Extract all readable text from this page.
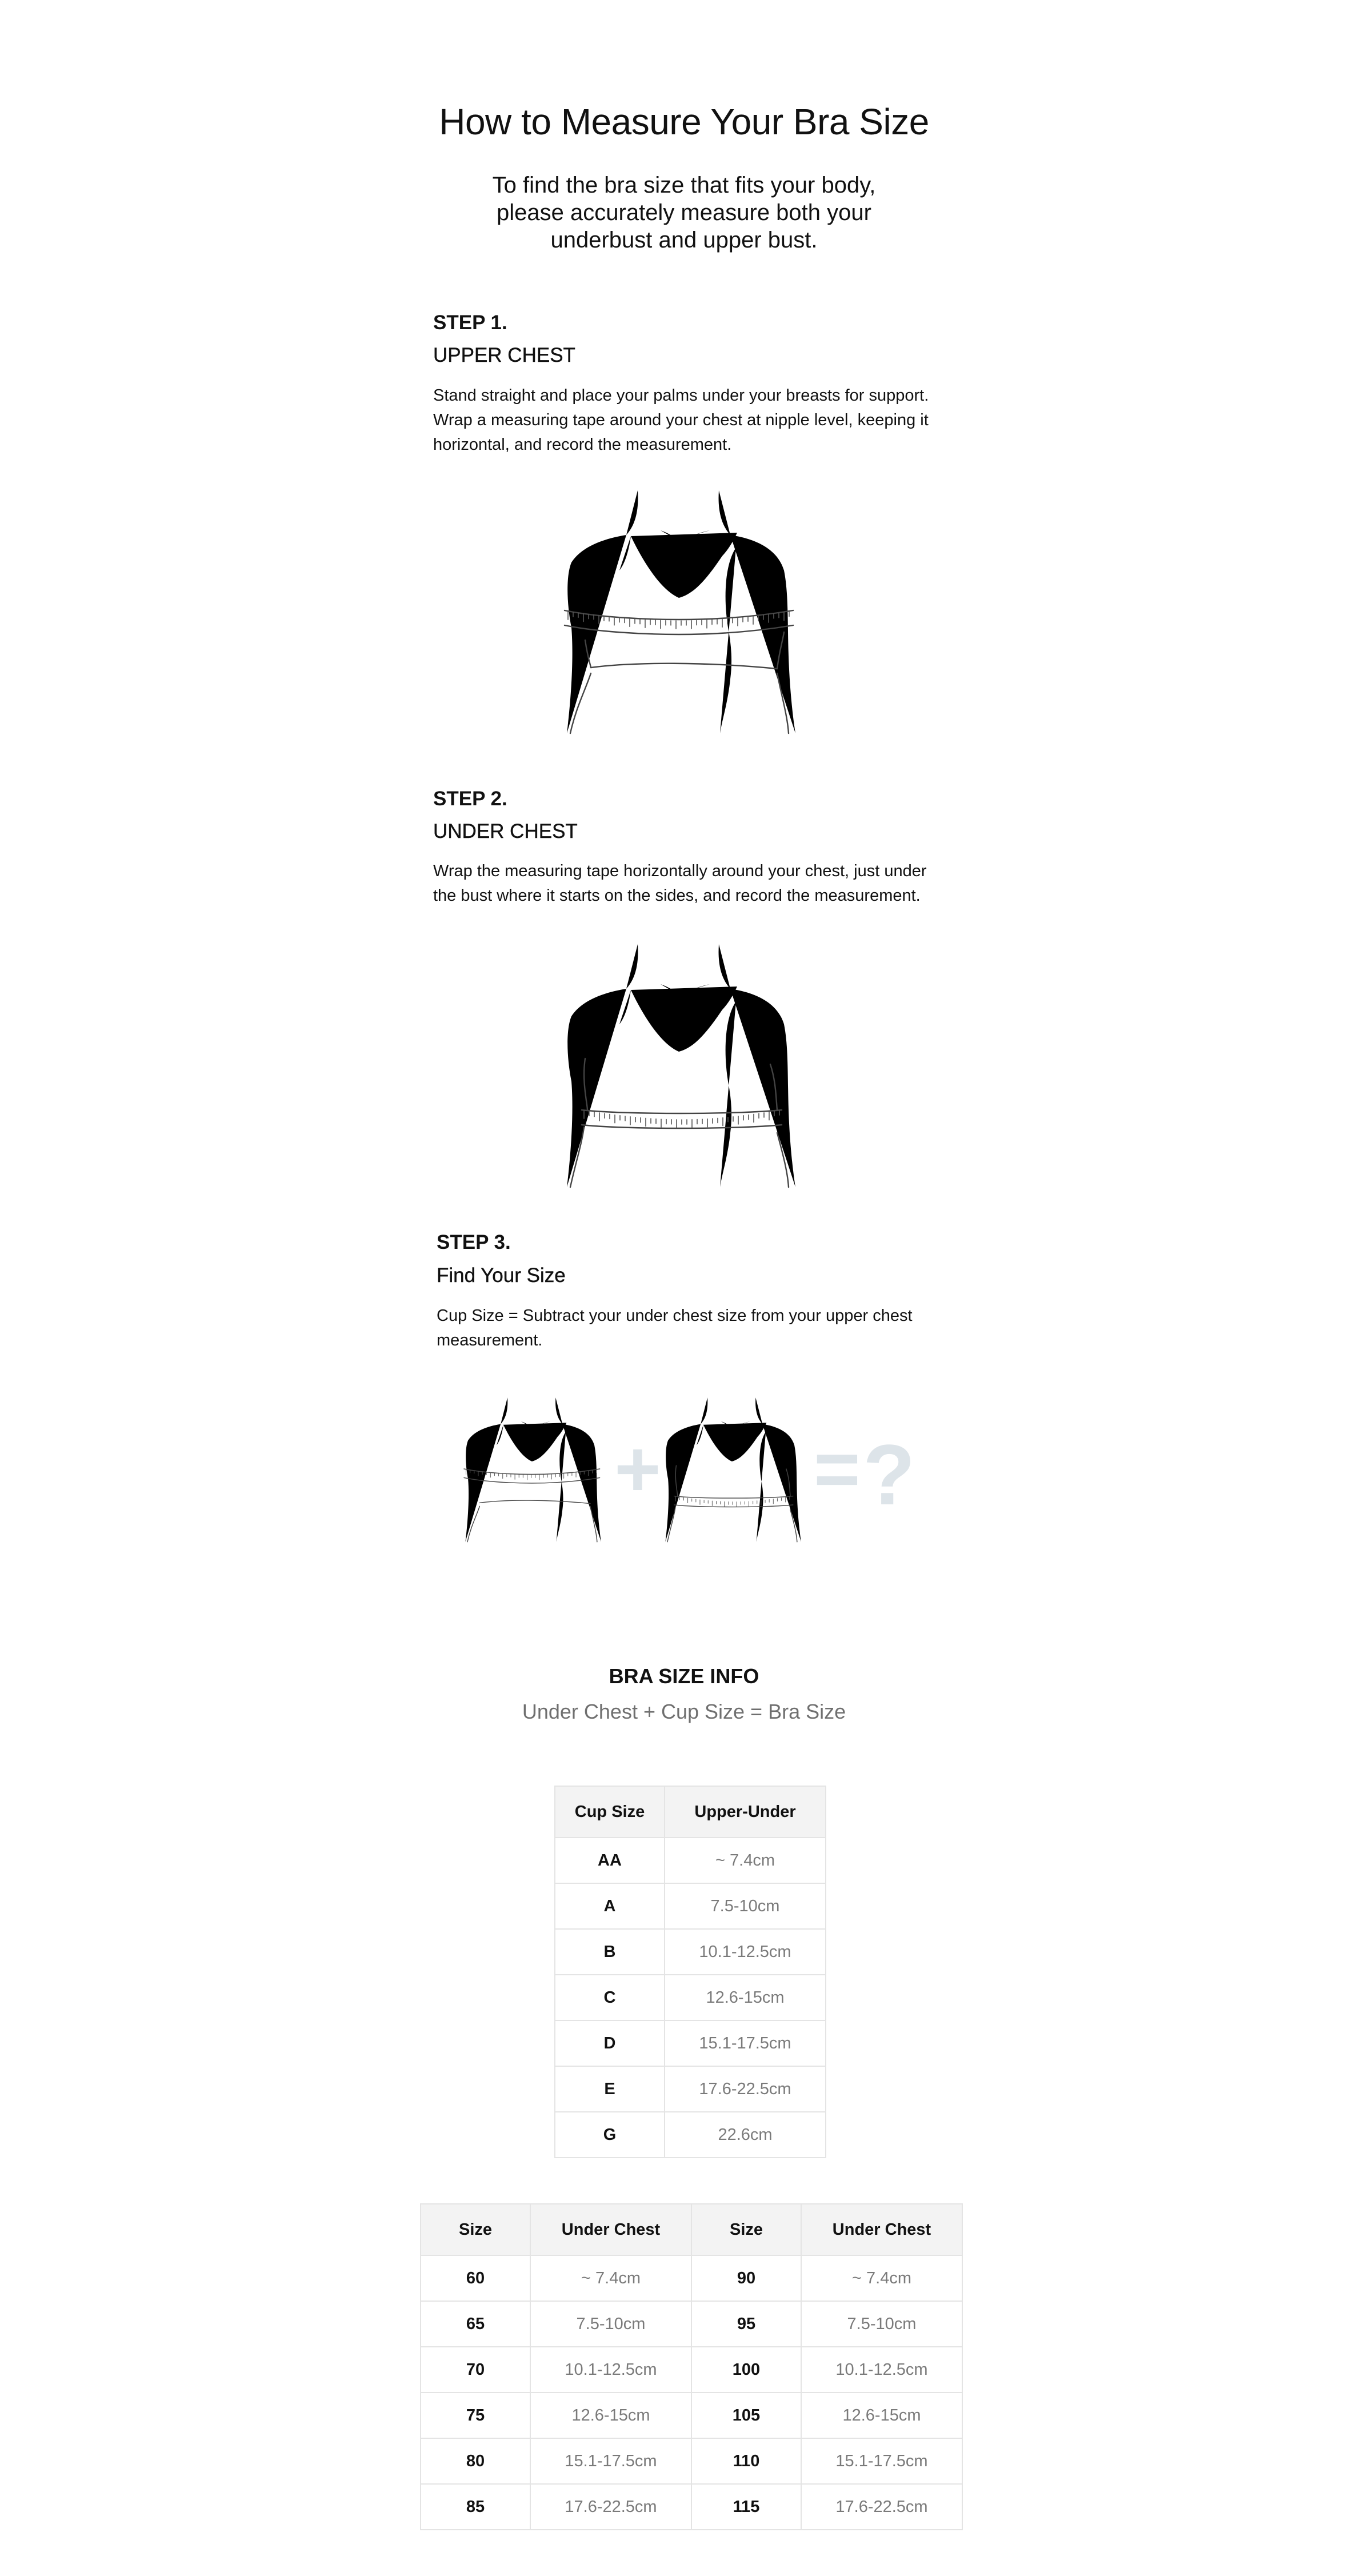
How to Measure Your Bra Size
To find the bra size that fits your body, please accurately measure both your underbust and upper bust.
STEP 1.
UPPER CHEST
Stand straight and place your palms under your breasts for support. Wrap a measuring tape around your chest at nipple level, keeping it horizontal, and record the measurement.
STEP 2.
UNDER CHEST
Wrap the measuring tape horizontally around your chest, just under the bust where it starts on the sides, and record the measurement.
STEP 3.
Find Your Size
Cup Size = Subtract your under chest size from your upper chest measurement.
+ = ?
BRA SIZE INFO
Under Chest + Cup Size = Bra Size
Cup Size	Upper-Under
AA	~ 7.4cm
A	7.5-10cm
B	10.1-12.5cm
C	12.6-15cm
D	15.1-17.5cm
E	17.6-22.5cm
G	22.6cm
Size	Under Chest	Size	Under Chest
60	~ 7.4cm	90	~ 7.4cm
65	7.5-10cm	95	7.5-10cm
70	10.1-12.5cm	100	10.1-12.5cm
75	12.6-15cm	105	12.6-15cm
80	15.1-17.5cm	110	15.1-17.5cm
85	17.6-22.5cm	115	17.6-22.5cm
